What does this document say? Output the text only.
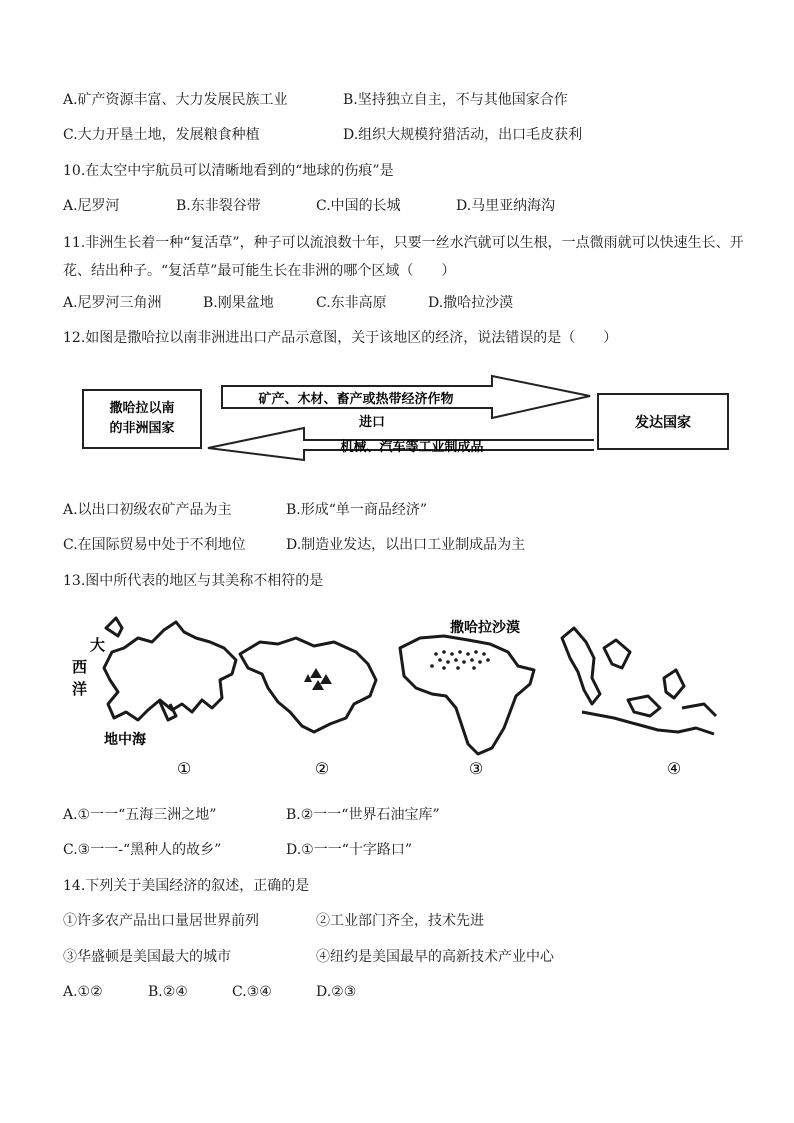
A.矿产资源丰富、大力发展民族工业	B.坚持独立自主，不与其他国家合作
C.大力开垦土地，发展粮食种植	D.组织大规模狩猎活动，出口毛皮获利
10.在太空中宇航员可以清晰地看到的“地球的伤痕”是
A.尼罗河	B.东非裂谷带	C.中国的长城	D.马里亚纳海沟
11.非洲生长着一种“复活草”，种子可以流浪数十年，只要一丝水汽就可以生根，一点微雨就可以快速生长、开花、结出种子。“复活草”最可能生长在非洲的哪个区域（　　）
A.尼罗河三角洲	B.刚果盆地	C.东非高原	D.撒哈拉沙漠
12.如图是撒哈拉以南非洲进出口产品示意图，关于该地区的经济，说法错误的是（　　）
撒哈拉以南
的非洲国家	发达国家
矿产、木材、畜产或热带经济作物
进口
机械、汽车等工业制成品
A.以出口初级农矿产品为主	B.形成“单一商品经济”
C.在国际贸易中处于不利地位	D.制造业发达，以出口工业制成品为主
13.图中所代表的地区与其美称不相符的是
大
西
洋
地中海
撒哈拉沙漠
①	②	③	④
A.①一一“五海三洲之地”	B.②一一“世界石油宝库”
C.③一一-“黑种人的故乡”	D.①一一“十字路口”
14.下列关于美国经济的叙述，正确的是
①许多农产品出口量居世界前列	②工业部门齐全，技术先进
③华盛顿是美国最大的城市	④纽约是美国最早的高新技术产业中心
A.①②	B.②④	C.③④	D.②③
